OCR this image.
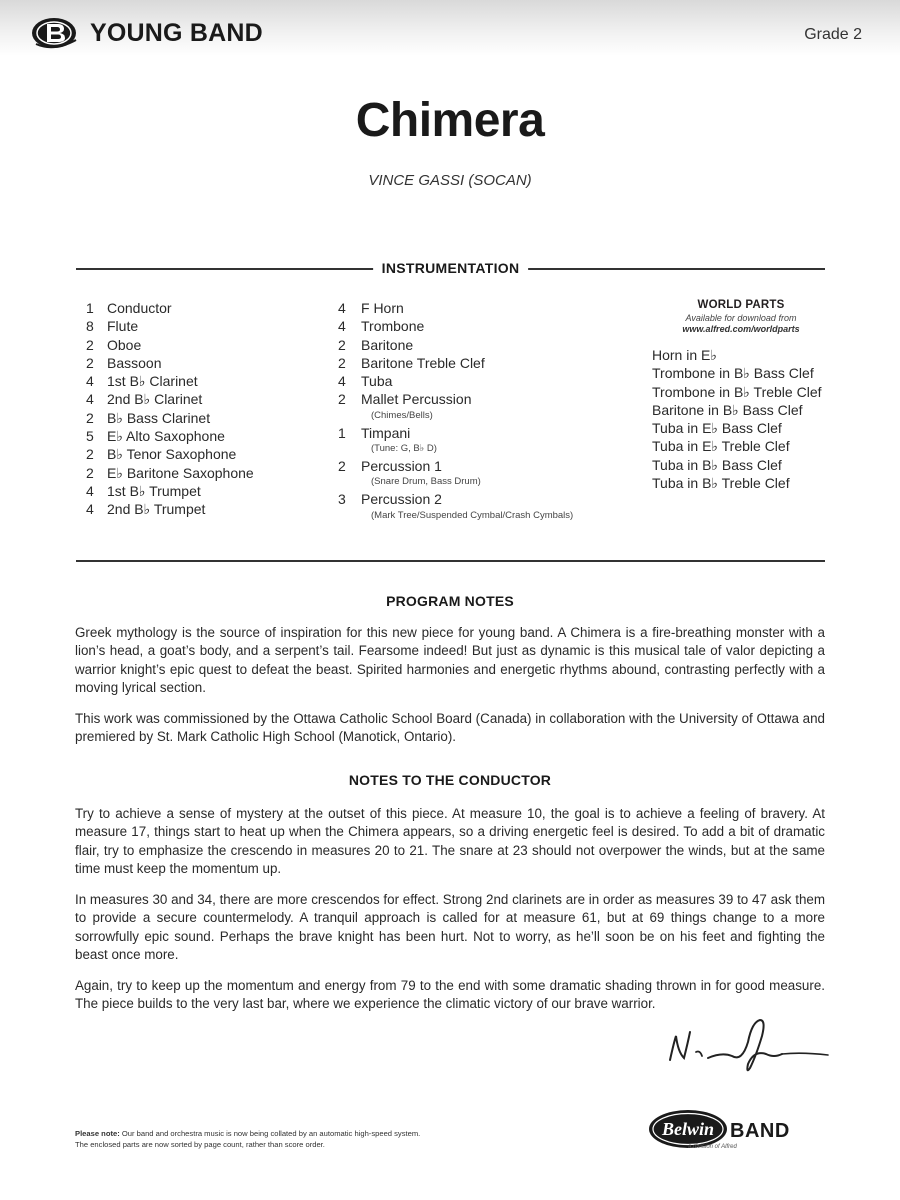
YOUNG BAND	Grade 2
Chimera
VINCE GASSI (SOCAN)
INSTRUMENTATION
1 Conductor
8 Flute
2 Oboe
2 Bassoon
4 1st B♭ Clarinet
4 2nd B♭ Clarinet
2 B♭ Bass Clarinet
5 E♭ Alto Saxophone
2 B♭ Tenor Saxophone
2 E♭ Baritone Saxophone
4 1st B♭ Trumpet
4 2nd B♭ Trumpet
4	F Horn
4	Trombone
2	Baritone
2	Baritone Treble Clef
4	Tuba
2	Mallet Percussion
(Chimes/Bells)
1	Timpani
(Tune: G, B♭ D)
2	Percussion 1
(Snare Drum, Bass Drum)
3	Percussion 2
(Mark Tree/Suspended Cymbal/Crash Cymbals)
WORLD PARTS
Available for download from
www.alfred.com/worldparts
Horn in E♭
Trombone in B♭ Bass Clef
Trombone in B♭ Treble Clef
Baritone in B♭ Bass Clef
Tuba in E♭ Bass Clef
Tuba in E♭ Treble Clef
Tuba in B♭ Bass Clef
Tuba in B♭ Treble Clef
PROGRAM NOTES

Greek mythology is the source of inspiration for this new piece for young band. A Chimera is a fire-breathing monster with a lion’s head, a goat’s body, and a serpent’s tail. Fearsome indeed! But just as dynamic is this musical tale of valor depicting a warrior knight’s epic quest to defeat the beast. Spirited harmonies and energetic rhythms abound, contrasting perfectly with a moving lyrical section.

This work was commissioned by the Ottawa Catholic School Board (Canada) in collaboration with the University of Ottawa and premiered by St. Mark Catholic High School (Manotick, Ontario).

NOTES TO THE CONDUCTOR

Try to achieve a sense of mystery at the outset of this piece. At measure 10, the goal is to achieve a feeling of bravery. At measure 17, things start to heat up when the Chimera appears, so a driving energetic feel is desired. To add a bit of dramatic flair, try to emphasize the crescendo in measures 20 to 21. The snare at 23 should not overpower the winds, but at the same time must keep the momentum up.

In measures 30 and 34, there are more crescendos for effect. Strong 2nd clarinets are in order as measures 39 to 47 ask them to provide a secure countermelody. A tranquil approach is called for at measure 61, but at 69 things change to a more sorrowfully epic sound. Perhaps the brave knight has been hurt. Not to worry, as he’ll soon be on his feet and fighting the beast once more.

Again, try to keep up the momentum and energy from 79 to the end with some dramatic shading thrown in for good measure. The piece builds to the very last bar, where we experience the climatic victory of our brave warrior.

Please note: Our band and orchestra music is now being collated by an automatic high-speed system.
The enclosed parts are now sorted by page count, rather than score order.
Belwin BAND
a division of Alfred
